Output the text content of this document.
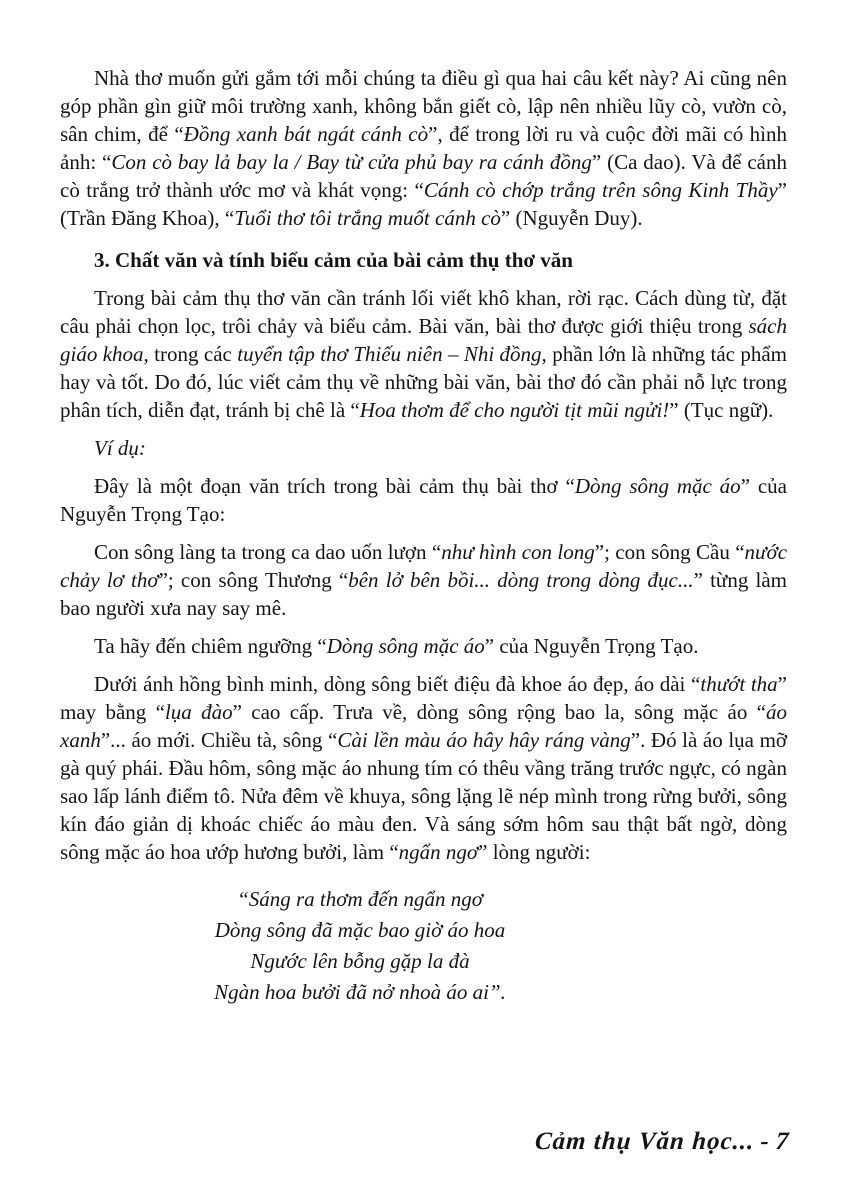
Nhà thơ muốn gửi gắm tới mỗi chúng ta điều gì qua hai câu kết này? Ai cũng nên góp phần gìn giữ môi trường xanh, không bắn giết cò, lập nên nhiều lũy cò, vườn cò, sân chim, để “Đồng xanh bát ngát cánh cò”, để trong lời ru và cuộc đời mãi có hình ảnh: “Con cò bay lả bay la / Bay từ cửa phủ bay ra cánh đồng” (Ca dao). Và để cánh cò trắng trở thành ước mơ và khát vọng: “Cánh cò chớp trắng trên sông Kinh Thầy” (Trần Đăng Khoa), “Tuổi thơ tôi trắng muốt cánh cò” (Nguyễn Duy).

3. Chất văn và tính biểu cảm của bài cảm thụ thơ văn

Trong bài cảm thụ thơ văn cần tránh lối viết khô khan, rời rạc. Cách dùng từ, đặt câu phải chọn lọc, trôi chảy và biểu cảm. Bài văn, bài thơ được giới thiệu trong sách giáo khoa, trong các tuyển tập thơ Thiếu niên – Nhi đồng, phần lớn là những tác phẩm hay và tốt. Do đó, lúc viết cảm thụ về những bài văn, bài thơ đó cần phải nỗ lực trong phân tích, diễn đạt, tránh bị chê là “Hoa thơm để cho người tịt mũi ngửi!” (Tục ngữ).

Ví dụ:

Đây là một đoạn văn trích trong bài cảm thụ bài thơ “Dòng sông mặc áo” của Nguyễn Trọng Tạo:

Con sông làng ta trong ca dao uốn lượn “như hình con long”; con sông Cầu “nước chảy lơ thơ”; con sông Thương “bên lở bên bồi... dòng trong dòng đục...” từng làm bao người xưa nay say mê.

Ta hãy đến chiêm ngưỡng “Dòng sông mặc áo” của Nguyễn Trọng Tạo.

Dưới ánh hồng bình minh, dòng sông biết điệu đà khoe áo đẹp, áo dài “thướt tha” may bằng “lụa đào” cao cấp. Trưa về, dòng sông rộng bao la, sông mặc áo “áo xanh”... áo mới. Chiều tà, sông “Cài lền màu áo hây hây ráng vàng”. Đó là áo lụa mỡ gà quý phái. Đầu hôm, sông mặc áo nhung tím có thêu vầng trăng trước ngực, có ngàn sao lấp lánh điểm tô. Nửa đêm về khuya, sông lặng lẽ nép mình trong rừng bưởi, sông kín đáo giản dị khoác chiếc áo màu đen. Và sáng sớm hôm sau thật bất ngờ, dòng sông mặc áo hoa ướp hương bưởi, làm “ngẩn ngơ” lòng người:

“Sáng ra thơm đến ngẩn ngơ
Dòng sông đã mặc bao giờ áo hoa
Ngước lên bỗng gặp la đà
Ngàn hoa bưởi đã nở nhoà áo ai”.
Cảm thụ Văn học... - 7
